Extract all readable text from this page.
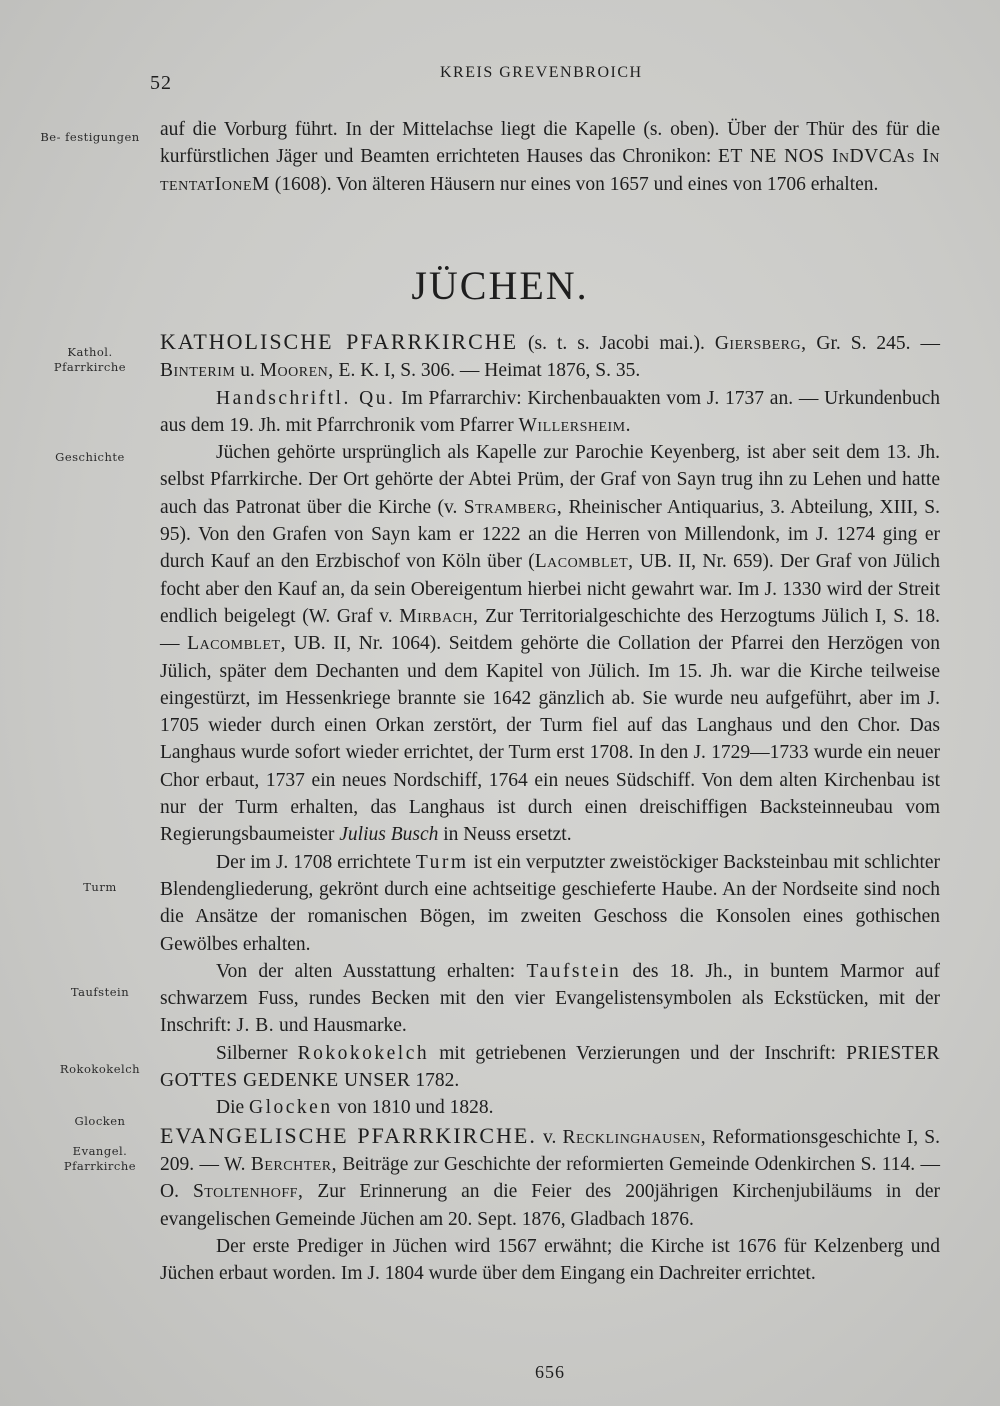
52	KREIS GREVENBROICH
Be- festigungen
Kathol. Pfarrkirche
Geschichte
Turm
Taufstein
Rokokokelch
Glocken
Evangel. Pfarrkirche

auf die Vorburg führt. In der Mittelachse liegt die Kapelle (s. oben). Über der Thür des für die kurfürstlichen Jäger und Beamten errichteten Hauses das Chronikon: ET NE NOS InDVCAs In tentatIoneM (1608). Von älteren Häusern nur eines von 1657 und eines von 1706 erhalten.

JÜCHEN.

KATHOLISCHE PFARRKIRCHE (s. t. s. Jacobi mai.). Giersberg, Gr. S. 245. — Binterim u. Mooren, E. K. I, S. 306. — Heimat 1876, S. 35.

Handschriftl. Qu. Im Pfarrarchiv: Kirchenbauakten vom J. 1737 an. — Urkundenbuch aus dem 19. Jh. mit Pfarrchronik vom Pfarrer Willersheim.

Jüchen gehörte ursprünglich als Kapelle zur Parochie Keyenberg, ist aber seit dem 13. Jh. selbst Pfarrkirche. Der Ort gehörte der Abtei Prüm, der Graf von Sayn trug ihn zu Lehen und hatte auch das Patronat über die Kirche (v. Stramberg, Rheinischer Antiquarius, 3. Abteilung, XIII, S. 95). Von den Grafen von Sayn kam er 1222 an die Herren von Millendonk, im J. 1274 ging er durch Kauf an den Erzbischof von Köln über (Lacomblet, UB. II, Nr. 659). Der Graf von Jülich focht aber den Kauf an, da sein Obereigentum hierbei nicht gewahrt war. Im J. 1330 wird der Streit endlich beigelegt (W. Graf v. Mirbach, Zur Territorialgeschichte des Herzogtums Jülich I, S. 18. — Lacomblet, UB. II, Nr. 1064). Seitdem gehörte die Collation der Pfarrei den Herzögen von Jülich, später dem Dechanten und dem Kapitel von Jülich. Im 15. Jh. war die Kirche teilweise eingestürzt, im Hessenkriege brannte sie 1642 gänzlich ab. Sie wurde neu aufgeführt, aber im J. 1705 wieder durch einen Orkan zerstört, der Turm fiel auf das Langhaus und den Chor. Das Langhaus wurde sofort wieder errichtet, der Turm erst 1708. In den J. 1729—1733 wurde ein neuer Chor erbaut, 1737 ein neues Nordschiff, 1764 ein neues Südschiff. Von dem alten Kirchenbau ist nur der Turm erhalten, das Langhaus ist durch einen dreischiffigen Backsteinneubau vom Regierungsbaumeister Julius Busch in Neuss ersetzt.

Der im J. 1708 errichtete Turm ist ein verputzter zweistöckiger Backsteinbau mit schlichter Blendengliederung, gekrönt durch eine achtseitige geschieferte Haube. An der Nordseite sind noch die Ansätze der romanischen Bögen, im zweiten Geschoss die Konsolen eines gothischen Gewölbes erhalten.

Von der alten Ausstattung erhalten: Taufstein des 18. Jh., in buntem Marmor auf schwarzem Fuss, rundes Becken mit den vier Evangelistensymbolen als Eckstücken, mit der Inschrift: J. B. und Hausmarke.

Silberner Rokokokelch mit getriebenen Verzierungen und der Inschrift: PRIESTER GOTTES GEDENKE UNSER 1782.

Die Glocken von 1810 und 1828.

EVANGELISCHE PFARRKIRCHE. v. Recklinghausen, Reformationsgeschichte I, S. 209. — W. Berchter, Beiträge zur Geschichte der reformierten Gemeinde Odenkirchen S. 114. — O. Stoltenhoff, Zur Erinnerung an die Feier des 200jährigen Kirchenjubiläums in der evangelischen Gemeinde Jüchen am 20. Sept. 1876, Gladbach 1876.

Der erste Prediger in Jüchen wird 1567 erwähnt; die Kirche ist 1676 für Kelzenberg und Jüchen erbaut worden. Im J. 1804 wurde über dem Eingang ein Dachreiter errichtet.

656
